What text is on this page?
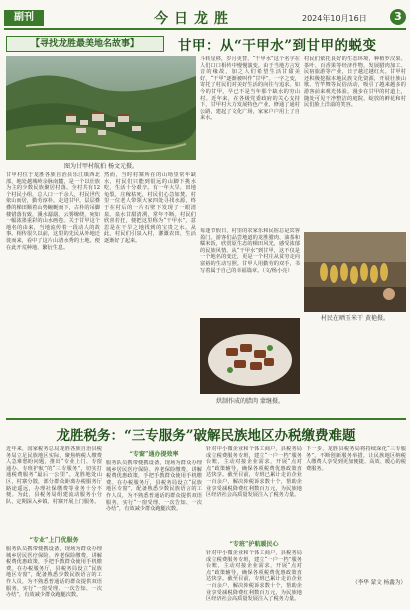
副刊	今日龙胜	2024年10月16日	3
【寻找龙胜最美地名故事】	甘甲：从“干甲水”到甘甲的蜕变
图为甘甲村航拍 杨文元摄。
斗转星移，岁月更替，“干甲水”这个名字在人们口口相传中慢慢演变。由于当地方言发音的缘故，加之人们希望生活甘甜美好，“干甲”逐渐被叫作“甘甲”。一字之变，寄托了村民们对美好生活的向往与追求。如今的甘甲，早已不是当年那个缺水的穷山村。近年来，在各级党委政府的关心支持下，甘甲村大力发展特色产业，修通了通村公路，建起了文化广场，家家户户用上了自来水。
村民们依托良好的生态环境，种植罗汉果、茶叶、百香果等经济作物，发展腊肉加工、民宿旅游等产业，日子越过越红火。甘甲村还积极挖掘本地民族文化资源，开展壮族山歌、竹竿舞等民俗活动，吸引了越来越多的游客前来观光体验。漫步在甘甲的村道上，随处可见干净整洁的庭院、绽放的鲜花和村民们脸上洋溢的笑容。
甘甲村位于龙胜各族自治县乐江镇西北部，地处越城岭余脉南麓，是一个以壮族为主的少数民族聚居村落。全村共有12个村民小组，总人口一千余人，村民世代依山而居，勤劳淳朴。走进甘甲，层层叠叠的梯田顺着山势蜿蜒而下，古朴的吊脚楼错落有致，溪水潺潺，云雾缭绕，宛如一幅浓墨重彩的山水画卷。关于甘甲这个地名的由来，当地流传着一段动人的故事。相传很久以前，这里的先民从外地迁徙而来，看中了这片山清水秀的土地，便在此开荒种地、繁衍生息。
然而，当时村寨所在的山坳里常年缺水，村民们只能到很远的山脚下挑水吃，生活十分艰辛。有一年大旱，田地龟裂，庄稼枯死，村民们心急如焚。村里一位老人带领大家四处寻找水源，终于在村后的一片石壁下发现了一眼清泉。泉水甘甜清冽，常年不断。村民们欣喜若狂，便把这里称为“干甲水”，意思是在干旱之地找到的宝贵之水。从此，村民们引泉入村，灌溉农田，生活逐渐好了起来。
村民在晒玉米干 黄艳摄。
烘制作成的腊肉 蒙继摄。
每逢节假日，村里的农家乐和民宿总是宾客盈门。游客们品尝地道的龙胜腊肉、油茶和糯米饭，欣赏原生态的梯田风光，感受浓郁的民族风情。从“干甲水”到甘甲，这不仅是一个地名的变迁，更是一个村庄从贫穷走向富裕的生动写照。甘甲人用勤劳的双手，书写着属于自己的幸福篇章。（文/杨小亮）
龙胜税务：“三专服务”破解民族地区办税缴费难题
近年来，国家税务总局龙胜各族自治县税务局立足民族地区实际，聚焦纳税人缴费人急难愁盼问题，推出“专业上门、专窗通办、专班护航”的“三专服务”，切实打通税费服务“最后一公里”。龙胜地处山区，村寨分散，部分群众距离办税服务厅路途遥远，办理社保缴费等业务十分不便。为此，县税务局组建流动服务小分队，定期深入乡镇、村寨开展上门服务。
“专业”上门优服务
服务队员携带便携设备，现场为群众办理城乡居民医疗保险、养老保险缴费，讲解税费优惠政策，手把手教群众使用手机缴费。在办税服务厅，县税务局设立“民族地区专窗”，配备熟悉少数民族语言的工作人员，为不熟悉普通话的群众提供双语服务，实行“一窗受理、一次告知、一次办结”，有效减少群众跑腿次数。
“专窗”通办提效率
服务队员携带便携设备，现场为群众办理城乡居民医疗保险、养老保险缴费，讲解税费优惠政策，手把手教群众使用手机缴费。在办税服务厅，县税务局设立“民族地区专窗”，配备熟悉少数民族语言的工作人员，为不熟悉普通话的群众提供双语服务，实行“一窗受理、一次告知、一次办结”，有效减少群众跑腿次数。
针对中小微企业和个体工商户，县税务局成立税费服务专班，建立“一户一档”服务台账，主动对接企业需求，开展“点对点”政策辅导，确保各项税费优惠政策直达快享。截至目前，专班已累计走访企业一百余户，解决涉税诉求数十个，帮助企业享受减税降费红利数百万元，为民族地区经济社会高质量发展注入了税务力量。
“专班”护航暖民心
针对中小微企业和个体工商户，县税务局成立税费服务专班，建立“一户一档”服务台账，主动对接企业需求，开展“点对点”政策辅导，确保各项税费优惠政策直达快享。截至目前，专班已累计走访企业一百余户，解决涉税诉求数十个，帮助企业享受减税降费红利数百万元，为民族地区经济社会高质量发展注入了税务力量。
下一步，龙胜县税务局将持续深化“三专服务”，不断创新服务举措，让民族地区纳税人缴费人享受到更加便捷、高效、暖心的税费服务。
（李华 蒙文 杨鑫为）
